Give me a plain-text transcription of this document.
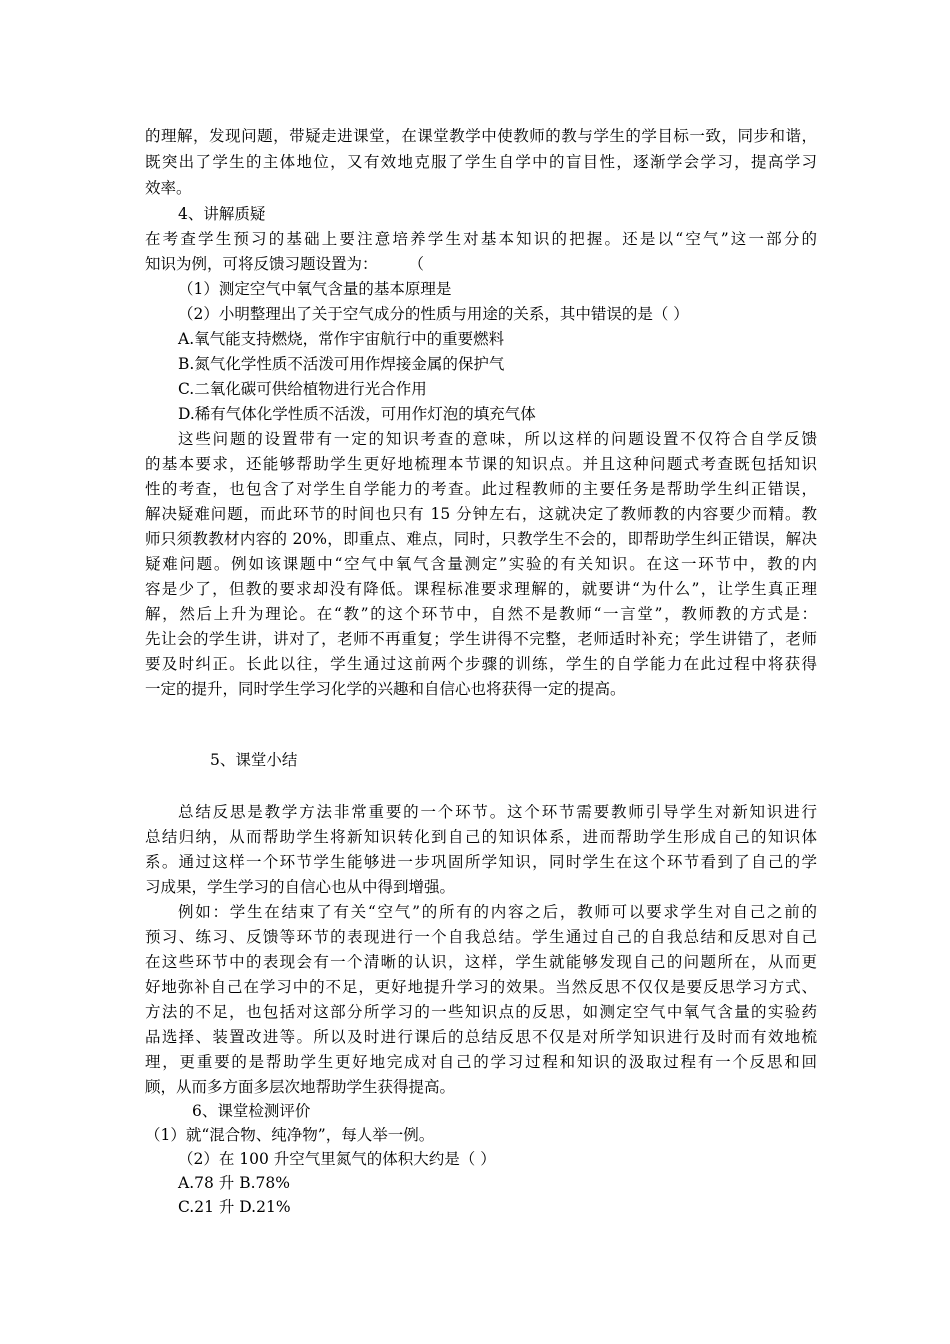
的理解，发现问题，带疑走进课堂，在课堂教学中使教师的教与学生的学目标一致，同步和谐，
既突出了学生的主体地位，又有效地克服了学生自学中的盲目性，逐渐学会学习，提高学习
效率。
4、讲解质疑
在考查学生预习的基础上要注意培养学生对基本知识的把握。还是以“空气”这一部分的
知识为例，可将反馈习题设置为：　　　（
（1）测定空气中氧气含量的基本原理是
（2）小明整理出了关于空气成分的性质与用途的关系，其中错误的是（ ）
A.氧气能支持燃烧，常作宇宙航行中的重要燃料
B.氮气化学性质不活泼可用作焊接金属的保护气
C.二氧化碳可供给植物进行光合作用
D.稀有气体化学性质不活泼，可用作灯泡的填充气体
这些问题的设置带有一定的知识考查的意味，所以这样的问题设置不仅符合自学反馈
的基本要求，还能够帮助学生更好地梳理本节课的知识点。并且这种问题式考查既包括知识
性的考查，也包含了对学生自学能力的考查。此过程教师的主要任务是帮助学生纠正错误，
解决疑难问题，而此环节的时间也只有 15 分钟左右，这就决定了教师教的内容要少而精。教
师只须教教材内容的 20%，即重点、难点，同时，只教学生不会的，即帮助学生纠正错误，解决
疑难问题。例如该课题中“空气中氧气含量测定”实验的有关知识。在这一环节中，教的内
容是少了，但教的要求却没有降低。课程标准要求理解的，就要讲“为什么”，让学生真正理
解，然后上升为理论。在“教”的这个环节中，自然不是教师“一言堂”，教师教的方式是：
先让会的学生讲，讲对了，老师不再重复；学生讲得不完整，老师适时补充；学生讲错了，老师
要及时纠正。长此以往，学生通过这前两个步骤的训练，学生的自学能力在此过程中将获得
一定的提升，同时学生学习化学的兴趣和自信心也将获得一定的提高。
5、课堂小结
总结反思是教学方法非常重要的一个环节。这个环节需要教师引导学生对新知识进行
总结归纳，从而帮助学生将新知识转化到自己的知识体系，进而帮助学生形成自己的知识体
系。通过这样一个环节学生能够进一步巩固所学知识，同时学生在这个环节看到了自己的学
习成果，学生学习的自信心也从中得到增强。
例如：学生在结束了有关“空气”的所有的内容之后，教师可以要求学生对自己之前的
预习、练习、反馈等环节的表现进行一个自我总结。学生通过自己的自我总结和反思对自己
在这些环节中的表现会有一个清晰的认识，这样，学生就能够发现自己的问题所在，从而更
好地弥补自己在学习中的不足，更好地提升学习的效果。当然反思不仅仅是要反思学习方式、
方法的不足，也包括对这部分所学习的一些知识点的反思，如测定空气中氧气含量的实验药
品选择、装置改进等。所以及时进行课后的总结反思不仅是对所学知识进行及时而有效地梳
理，更重要的是帮助学生更好地完成对自己的学习过程和知识的汲取过程有一个反思和回
顾，从而多方面多层次地帮助学生获得提高。
6、课堂检测评价
（1）就“混合物、纯净物”，每人举一例。
（2）在 100 升空气里氮气的体积大约是（ ）
A.78 升 B.78%
C.21 升 D.21%
